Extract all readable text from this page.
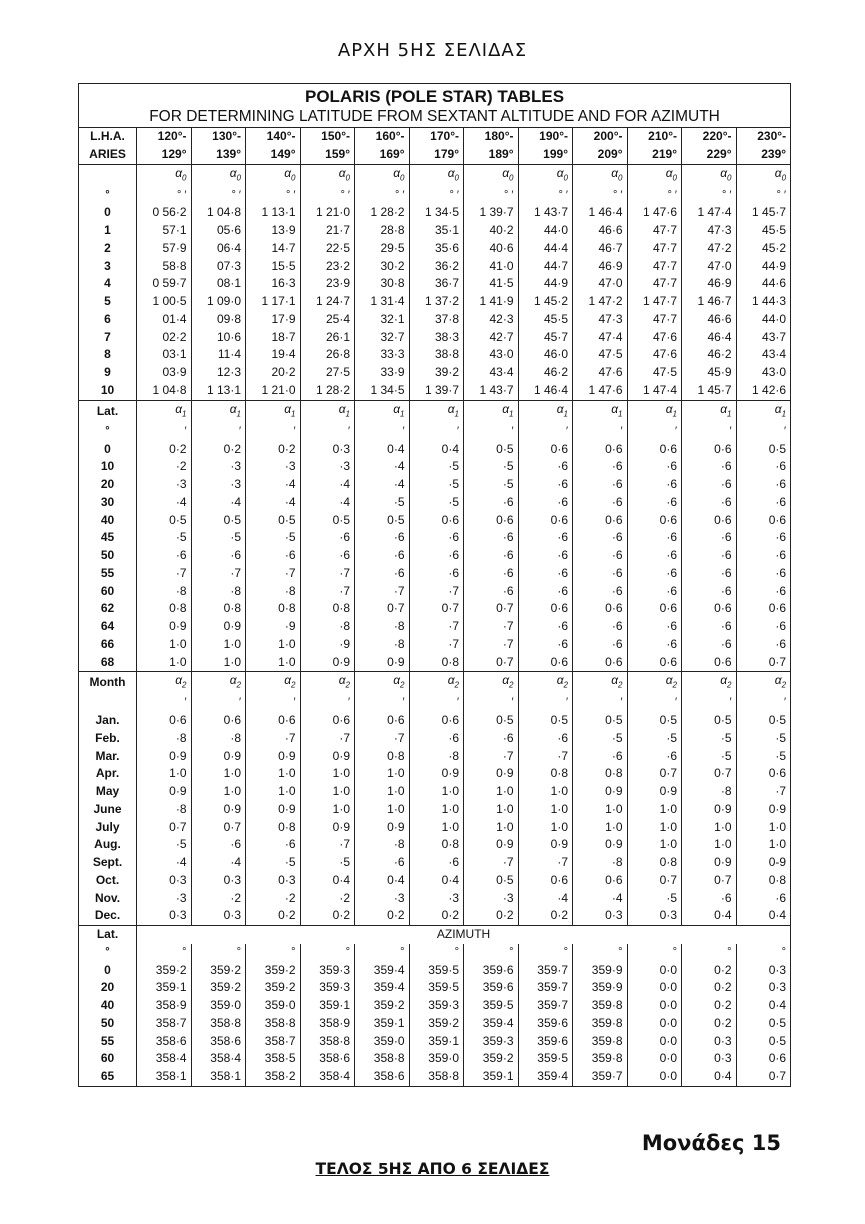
ΑΡΧΗ 5ΗΣ ΣΕΛΙΔΑΣ
POLARIS (POLE STAR) TABLES
FOR DETERMINING LATITUDE FROM SEXTANT ALTITUDE AND FOR AZIMUTH												

L.H.A.	120°-	130°-	140°-	150°-	160°-	170°-	180°-	190°-	200°-	210°-	220°-	230°-
ARIES	129°	139°	149°	159°	169°	179°	189°	199°	209°	219°	229°	239°
	$\alpha_0$	$\alpha_0$	$\alpha_0$	$\alpha_0$	$\alpha_0$	$\alpha_0$	$\alpha_0$	$\alpha_0$	$\alpha_0$	$\alpha_0$	$\alpha_0$	$\alpha_0$
°	° ′	° ′	° ′	° ′	° ′	° ′	° ′	° ′	° ′	° ′	° ′	° ′
0	0 56·2	1 04·8	1 13·1	1 21·0	1 28·2	1 34·5	1 39·7	1 43·7	1 46·4	1 47·6	1 47·4	1 45·7
1	57·1	05·6	13·9	21·7	28·8	35·1	40·2	44·0	46·6	47·7	47·3	45·5
2	57·9	06·4	14·7	22·5	29·5	35·6	40·6	44·4	46·7	47·7	47·2	45·2
3	58·8	07·3	15·5	23·2	30·2	36·2	41·0	44·7	46·9	47·7	47·0	44·9
4	0 59·7	08·1	16·3	23·9	30·8	36·7	41·5	44·9	47·0	47·7	46·9	44·6
5	1 00·5	1 09·0	1 17·1	1 24·7	1 31·4	1 37·2	1 41·9	1 45·2	1 47·2	1 47·7	1 46·7	1 44·3
6	01·4	09·8	17·9	25·4	32·1	37·8	42·3	45·5	47·3	47·7	46·6	44·0
7	02·2	10·6	18·7	26·1	32·7	38·3	42·7	45·7	47·4	47·6	46·4	43·7
8	03·1	11·4	19·4	26·8	33·3	38·8	43·0	46·0	47·5	47·6	46·2	43·4
9	03·9	12·3	20·2	27·5	33·9	39·2	43·4	46·2	47·6	47·5	45·9	43·0
10	1 04·8	1 13·1	1 21·0	1 28·2	1 34·5	1 39·7	1 43·7	1 46·4	1 47·6	1 47·4	1 45·7	1 42·6
Lat.	$\alpha_1$	$\alpha_1$	$\alpha_1$	$\alpha_1$	$\alpha_1$	$\alpha_1$	$\alpha_1$	$\alpha_1$	$\alpha_1$	$\alpha_1$	$\alpha_1$	$\alpha_1$
°	′	′	′	′	′	′	′	′	′	′	′	′
0	0·2	0·2	0·2	0·3	0·4	0·4	0·5	0·6	0·6	0·6	0·6	0·5
10	·2	·3	·3	·3	·4	·5	·5	·6	·6	·6	·6	·6
20	·3	·3	·4	·4	·4	·5	·5	·6	·6	·6	·6	·6
30	·4	·4	·4	·4	·5	·5	·6	·6	·6	·6	·6	·6
40	0·5	0·5	0·5	0·5	0·5	0·6	0·6	0·6	0·6	0·6	0·6	0·6
45	·5	·5	·5	·6	·6	·6	·6	·6	·6	·6	·6	·6
50	·6	·6	·6	·6	·6	·6	·6	·6	·6	·6	·6	·6
55	·7	·7	·7	·7	·6	·6	·6	·6	·6	·6	·6	·6
60	·8	·8	·8	·7	·7	·7	·6	·6	·6	·6	·6	·6
62	0·8	0·8	0·8	0·8	0·7	0·7	0·7	0·6	0·6	0·6	0·6	0·6
64	0·9	0·9	·9	·8	·8	·7	·7	·6	·6	·6	·6	·6
66	1·0	1·0	1·0	·9	·8	·7	·7	·6	·6	·6	·6	·6
68	1·0	1·0	1·0	0·9	0·9	0·8	0·7	0·6	0·6	0·6	0·6	0·7
Month	$\alpha_2$	$\alpha_2$	$\alpha_2$	$\alpha_2$	$\alpha_2$	$\alpha_2$	$\alpha_2$	$\alpha_2$	$\alpha_2$	$\alpha_2$	$\alpha_2$	$\alpha_2$
	′	′	′	′	′	′	′	′	′	′	′	′
Jan.	0·6	0·6	0·6	0·6	0·6	0·6	0·5	0·5	0·5	0·5	0·5	0·5
Feb.	·8	·8	·7	·7	·7	·6	·6	·6	·5	·5	·5	·5
Mar.	0·9	0·9	0·9	0·9	0·8	·8	·7	·7	·6	·6	·5	·5
Apr.	1·0	1·0	1·0	1·0	1·0	0·9	0·9	0·8	0·8	0·7	0·7	0·6
May	0·9	1·0	1·0	1·0	1·0	1·0	1·0	1·0	0·9	0·9	·8	·7
June	·8	0·9	0·9	1·0	1·0	1·0	1·0	1·0	1·0	1·0	0·9	0·9
July	0·7	0·7	0·8	0·9	0·9	1·0	1·0	1·0	1·0	1·0	1·0	1·0
Aug.	·5	·6	·6	·7	·8	0·8	0·9	0·9	0·9	1·0	1·0	1·0
Sept.	·4	·4	·5	·5	·6	·6	·7	·7	·8	0·8	0·9	0-9
Oct.	0·3	0·3	0·3	0·4	0·4	0·4	0·5	0·6	0·6	0·7	0·7	0·8
Nov.	·3	·2	·2	·2	·3	·3	·3	·4	·4	·5	·6	·6
Dec.	0·3	0·3	0·2	0·2	0·2	0·2	0·2	0·2	0·3	0·3	0·4	0·4
Lat.	AZIMUTH											
°	°	°	°	°	°	°	°	°	°	°	°	°
0	359·2	359·2	359·2	359·3	359·4	359·5	359·6	359·7	359·9	0·0	0·2	0·3
20	359·1	359·2	359·2	359·3	359·4	359·5	359·6	359·7	359·9	0·0	0·2	0·3
40	358·9	359·0	359·0	359·1	359·2	359·3	359·5	359·7	359·8	0·0	0·2	0·4
50	358·7	358·8	358·8	358·9	359·1	359·2	359·4	359·6	359·8	0·0	0·2	0·5
55	358·6	358·6	358·7	358·8	359·0	359·1	359·3	359·6	359·8	0·0	0·3	0·5
60	358·4	358·4	358·5	358·6	358·8	359·0	359·2	359·5	359·8	0·0	0·3	0·6
65	358·1	358·1	358·2	358·4	358·6	358·8	359·1	359·4	359·7	0·0	0·4	0·7
Μονάδες 15
ΤΕΛΟΣ 5ΗΣ ΑΠΟ 6 ΣΕΛΙΔΕΣ
